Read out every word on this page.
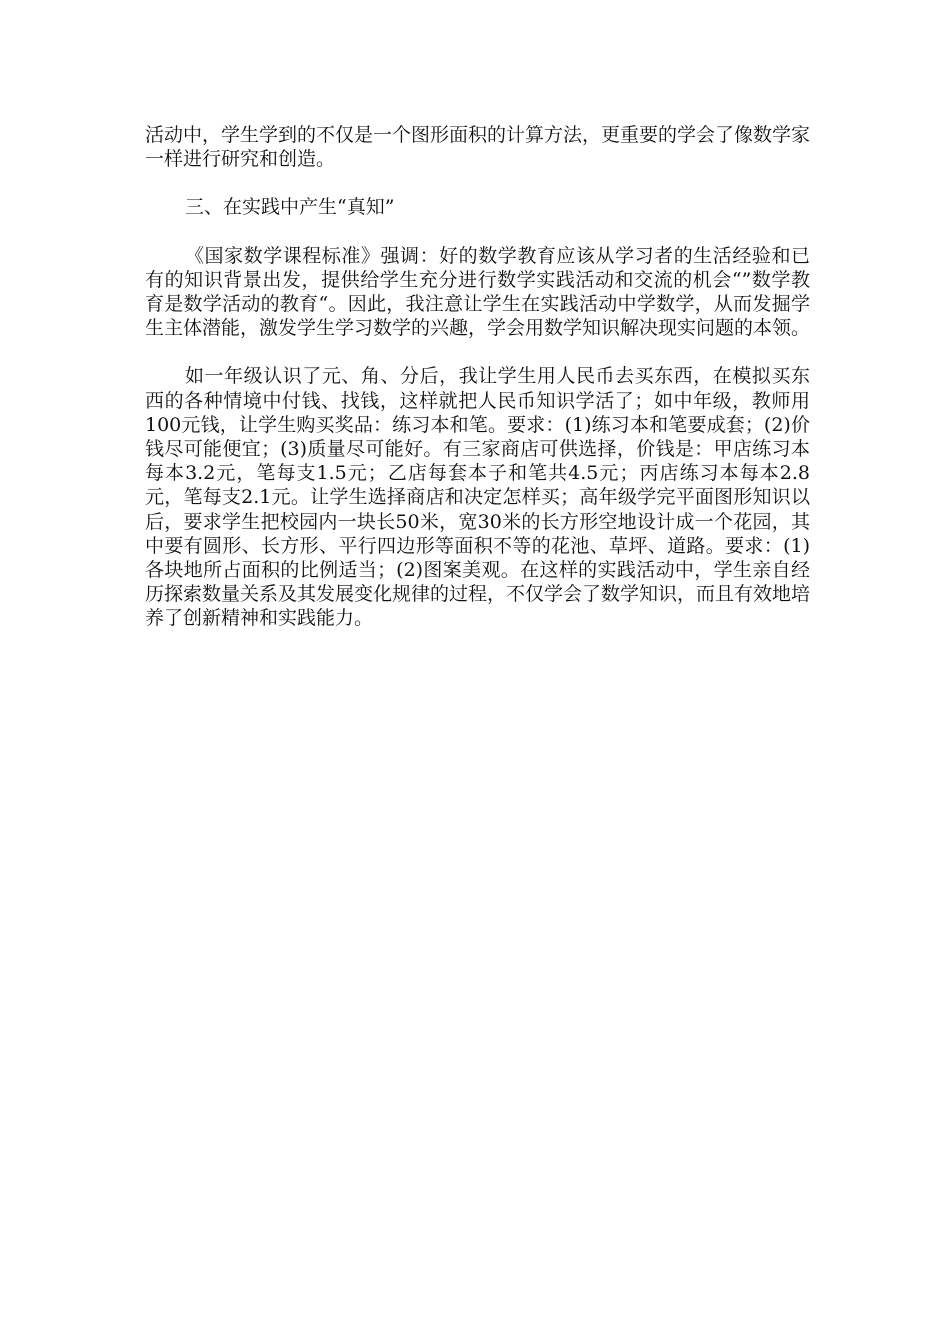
活动中，学生学到的不仅是一个图形面积的计算方法，更重要的学会了像数学家一样进行研究和创造。

三、在实践中产生“真知”

《国家数学课程标准》强调：好的数学教育应该从学习者的生活经验和已有的知识背景出发，提供给学生充分进行数学实践活动和交流的机会“”数学教育是数学活动的教育“。因此，我注意让学生在实践活动中学数学，从而发掘学生主体潜能，激发学生学习数学的兴趣，学会用数学知识解决现实问题的本领。

如一年级认识了元、角、分后，我让学生用人民币去买东西，在模拟买东西的各种情境中付钱、找钱，这样就把人民币知识学活了；如中年级，教师用100元钱，让学生购买奖品：练习本和笔。要求：(1)练习本和笔要成套；(2)价钱尽可能便宜；(3)质量尽可能好。有三家商店可供选择，价钱是：甲店练习本每本3.2元，笔每支1.5元；乙店每套本子和笔共4.5元；丙店练习本每本2.8元，笔每支2.1元。让学生选择商店和决定怎样买；高年级学完平面图形知识以后，要求学生把校园内一块长50米，宽30米的长方形空地设计成一个花园，其中要有圆形、长方形、平行四边形等面积不等的花池、草坪、道路。要求：(1)各块地所占面积的比例适当；(2)图案美观。在这样的实践活动中，学生亲自经历探索数量关系及其发展变化规律的过程，不仅学会了数学知识，而且有效地培养了创新精神和实践能力。
